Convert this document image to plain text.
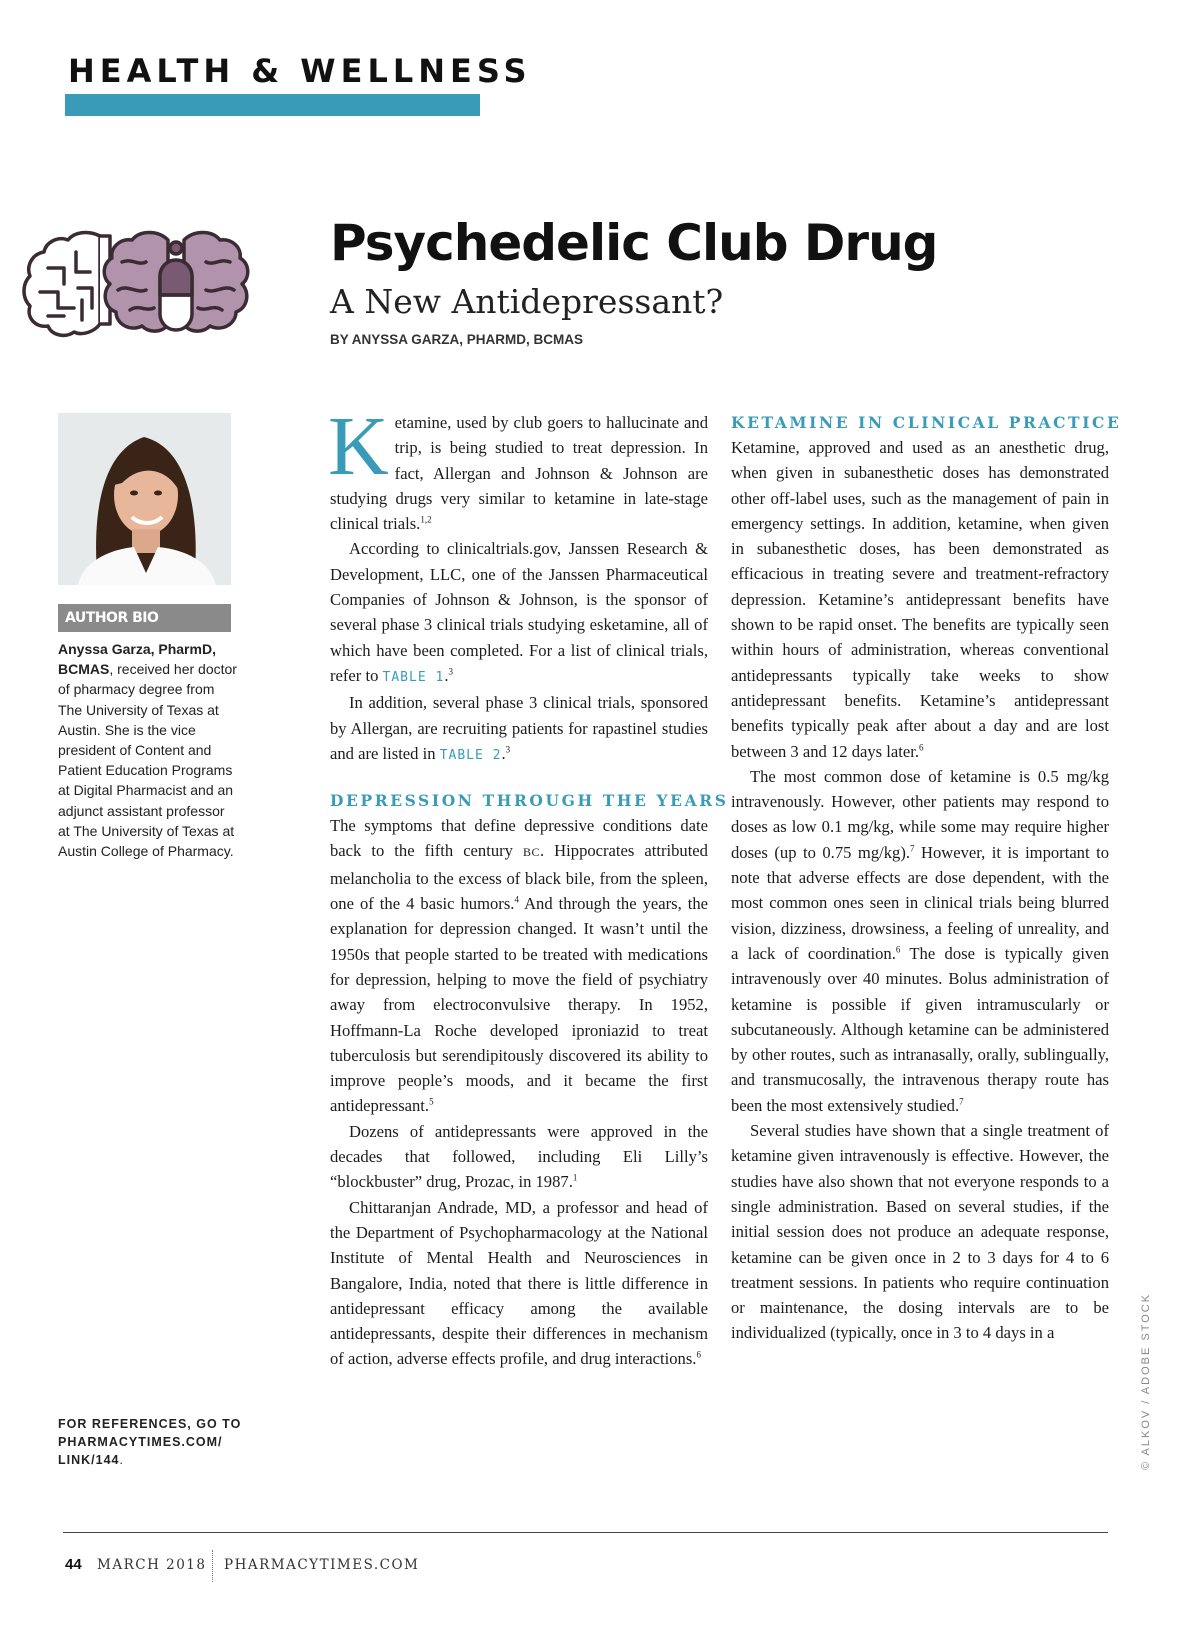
HEALTH & WELLNESS
Psychedelic Club Drug
A New Antidepressant?
BY ANYSSA GARZA, PHARMD, BCMAS
AUTHOR BIO
Anyssa Garza, PharmD, BCMAS, received her doctor of pharmacy degree from The University of Texas at Austin. She is the vice president of Content and Patient Education Programs at Digital Pharmacist and an adjunct assistant professor at The University of Texas at Austin College of Pharmacy.
FOR REFERENCES, GO TO PHARMACYTIMES.COM/ LINK/144.

Ketamine, used by club goers to hallucinate and trip, is being studied to treat depression. In fact, Allergan and Johnson & Johnson are studying drugs very similar to ketamine in late-stage clinical trials.$^{1,2}$

According to clinicaltrials.gov, Janssen Research & Development, LLC, one of the Janssen Pharmaceutical Companies of Johnson & Johnson, is the sponsor of several phase 3 clinical trials studying esketamine, all of which have been completed. For a list of clinical trials, refer to TABLE 1.$^3$

In addition, several phase 3 clinical trials, sponsored by Allergan, are recruiting patients for rapastinel studies and are listed in TABLE 2.$^3$

DEPRESSION THROUGH THE YEARS

The symptoms that define depressive conditions date back to the fifth century BC. Hippocrates attributed melancholia to the excess of black bile, from the spleen, one of the 4 basic humors.$^4$ And through the years, the explanation for depression changed. It wasn’t until the 1950s that people started to be treated with medications for depression, helping to move the field of psychiatry away from electroconvulsive therapy. In 1952, Hoffmann-La Roche developed iproniazid to treat tuberculosis but serendipitously discovered its ability to improve people’s moods, and it became the first antidepressant.$^5$

Dozens of antidepressants were approved in the decades that followed, including Eli Lilly’s “blockbuster” drug, Prozac, in 1987.$^1$

Chittaranjan Andrade, MD, a professor and head of the Department of Psychopharmacology at the National Institute of Mental Health and Neurosciences in Bangalore, India, noted that there is little difference in antidepressant efficacy among the available antidepressants, despite their differences in mechanism of action, adverse effects profile, and drug interactions.$^6$

KETAMINE IN CLINICAL PRACTICE

Ketamine, approved and used as an anesthetic drug, when given in subanesthetic doses has demonstrated other off-label uses, such as the management of pain in emergency settings. In addition, ketamine, when given in subanesthetic doses, has been demonstrated as efficacious in treating severe and treatment-refractory depression. Ketamine’s antidepressant benefits have shown to be rapid onset. The benefits are typically seen within hours of administration, whereas conventional antidepressants typically take weeks to show antidepressant benefits. Ketamine’s antidepressant benefits typically peak after about a day and are lost between 3 and 12 days later.$^6$

The most common dose of ketamine is 0.5 mg/kg intravenously. However, other patients may respond to doses as low 0.1 mg/kg, while some may require higher doses (up to 0.75 mg/kg).$^7$ However, it is important to note that adverse effects are dose dependent, with the most common ones seen in clinical trials being blurred vision, dizziness, drowsiness, a feeling of unreality, and a lack of coordination.$^6$ The dose is typically given intravenously over 40 minutes. Bolus administration of ketamine is possible if given intramuscularly or subcutaneously. Although ketamine can be administered by other routes, such as intranasally, orally, sublingually, and transmucosally, the intravenous therapy route has been the most extensively studied.$^7$

Several studies have shown that a single treatment of ketamine given intravenously is effective. However, the studies have also shown that not everyone responds to a single administration. Based on several studies, if the initial session does not produce an adequate response, ketamine can be given once in 2 to 3 days for 4 to 6 treatment sessions. In patients who require continuation or maintenance, the dosing intervals are to be individualized (typically, once in 3 to 4 days in a	© ALKOV / ADOBE STOCK
44 MARCH 2018 PHARMACYTIMES.COM
